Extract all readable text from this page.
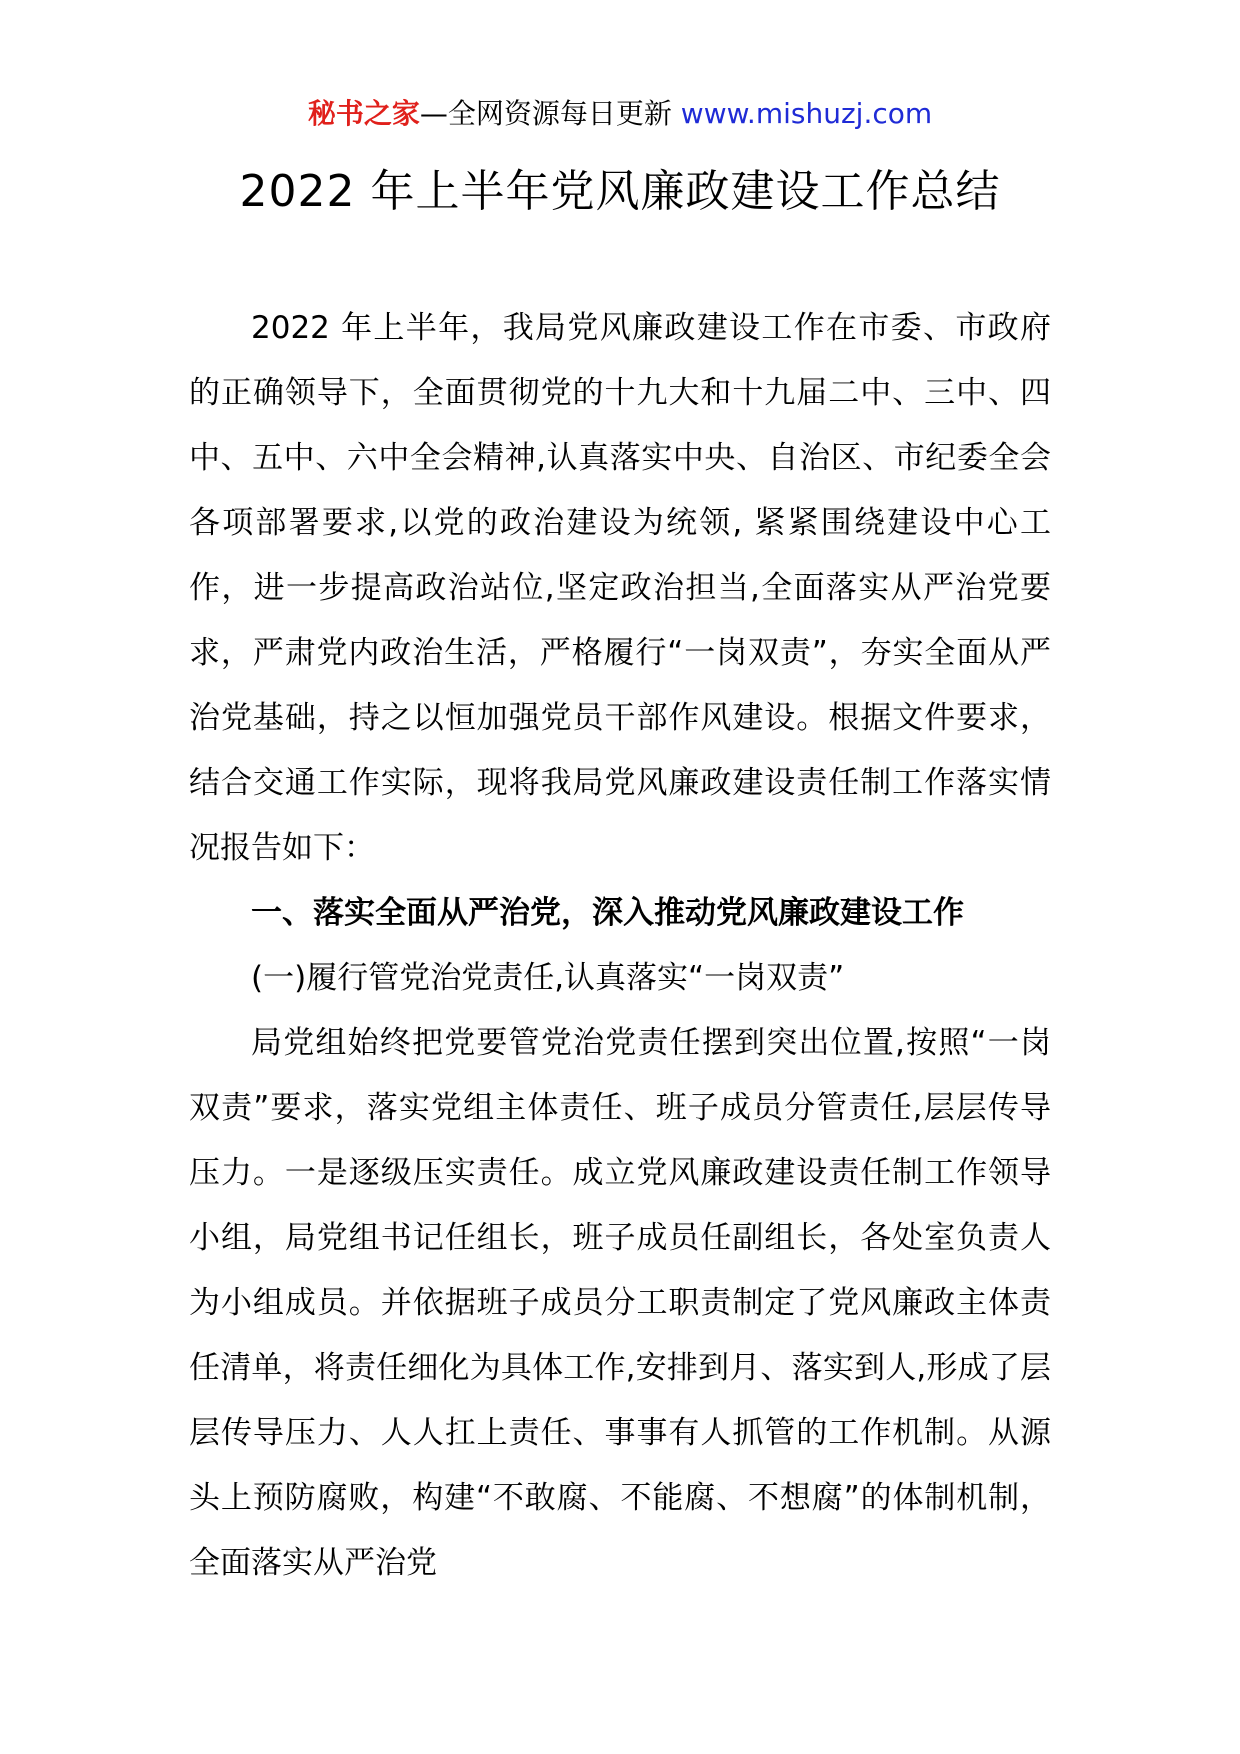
秘书之家—全网资源每日更新 www.mishuzj.com
2022 年上半年党风廉政建设工作总结

2022 年上半年，我局党风廉政建设工作在市委、市政府的正确领导下，全面贯彻党的十九大和十九届二中、三中、四中、五中、六中全会精神,认真落实中央、自治区、市纪委全会各项部署要求,以党的政治建设为统领, 紧紧围绕建设中心工作，进一步提高政治站位,坚定政治担当,全面落实从严治党要求，严肃党内政治生活，严格履行“一岗双责”，夯实全面从严治党基础，持之以恒加强党员干部作风建设。根据文件要求，结合交通工作实际，现将我局党风廉政建设责任制工作落实情况报告如下：

一、落实全面从严治党，深入推动党风廉政建设工作

(一)履行管党治党责任,认真落实“一岗双责”

局党组始终把党要管党治党责任摆到突出位置,按照“一岗双责”要求，落实党组主体责任、班子成员分管责任,层层传导压力。一是逐级压实责任。成立党风廉政建设责任制工作领导小组，局党组书记任组长，班子成员任副组长，各处室负责人为小组成员。并依据班子成员分工职责制定了党风廉政主体责任清单，将责任细化为具体工作,安排到月、落实到人,形成了层层传导压力、人人扛上责任、事事有人抓管的工作机制。从源头上预防腐败，构建“不敢腐、不能腐、不想腐”的体制机制，全面落实从严治党
